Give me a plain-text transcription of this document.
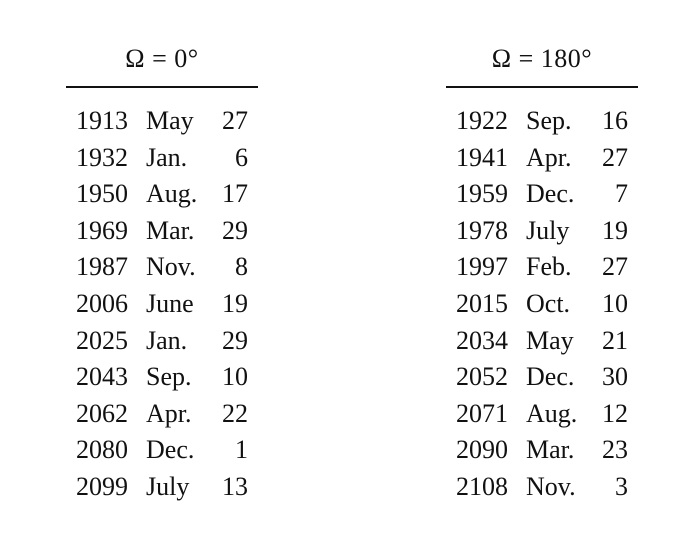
Ω = 0°
1913 May	27
1932 Jan.	6
1950 Aug. 17
1969 Mar.	29
1987 Nov.	8
2006 June	19
2025 Jan.	29
2043 Sep.	10
2062 Apr.	22
2080 Dec.	1
2099 July	13
Ω = 180°
1922 Sep.	16
1941 Apr.	27
1959 Dec.	7
1978 July	19
1997 Feb.	27
2015 Oct.	10
2034 May	21
2052 Dec.	30
2071 Aug. 12
2090 Mar.	23
2108 Nov.	3
